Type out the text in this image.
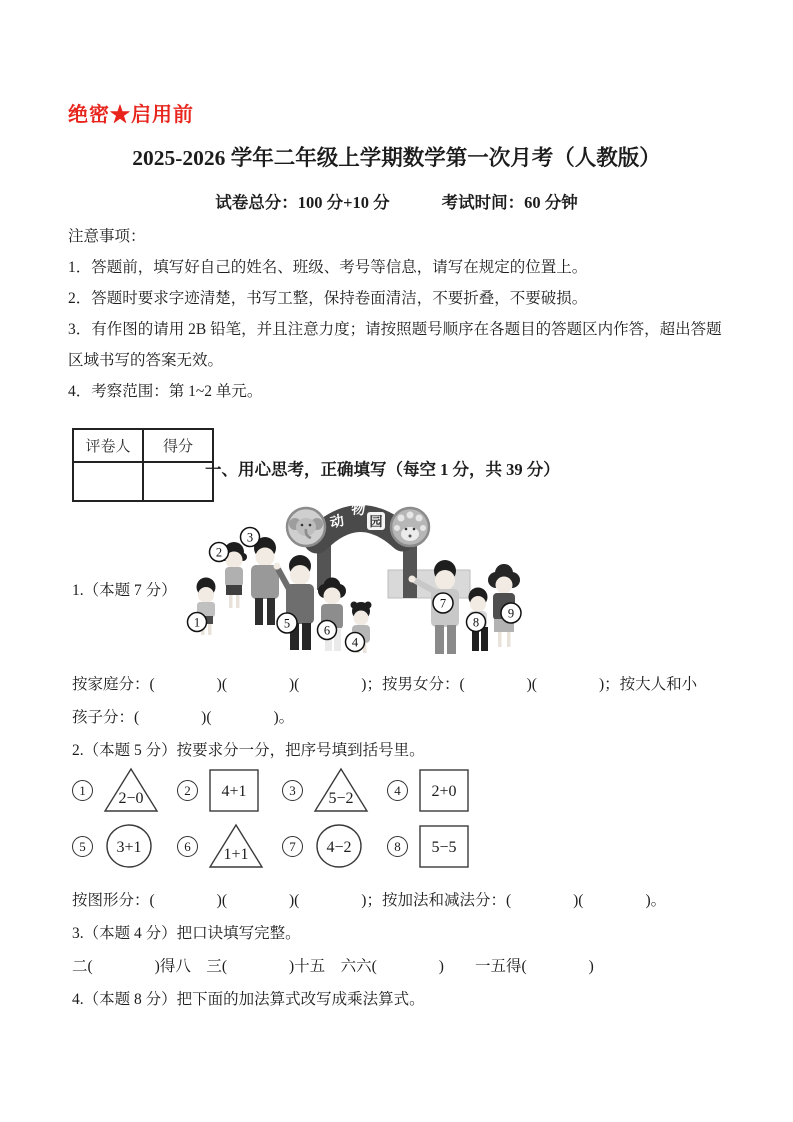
绝密★启用前
2025-2026 学年二年级上学期数学第一次月考（人教版）
试卷总分：100 分+10 分	考试时间：60 分钟
注意事项：
1．答题前，填写好自己的姓名、班级、考号等信息，请写在规定的位置上。
2．答题时要求字迹清楚，书写工整，保持卷面清洁，不要折叠，不要破损。
3．有作图的请用 2B 铅笔，并且注意力度；请按照题号顺序在各题目的答题区内作答，超出答题区域书写的答案无效。
4．考察范围：第 1~2 单元。
评卷人	得分

一、用心思考，正确填写（每空 1 分，共 39 分）
动
物
园
1
2
3
5	6
4
7
8
9
1.（本题 7 分）
按家庭分：(　　　　)(　　　　)(　　　　)；按男女分：(　　　　)(　　　　)；按大人和小
孩子分：(　　　　)(　　　　)。
2.（本题 5 分）按要求分一分，把序号填到括号里。
1	2−0	2	4+1	3	5−2	4	2+0
5	3+1	6	1+1	7	4−2	8	5−5
按图形分：(　　　　)(　　　　)(　　　　)；按加法和减法分：(　　　　)(　　　　)。
3.（本题 4 分）把口诀填写完整。
二(　　　　)得八　三(　　　　)十五　六六(　　　　)　　一五得(　　　　)
4.（本题 8 分）把下面的加法算式改写成乘法算式。
